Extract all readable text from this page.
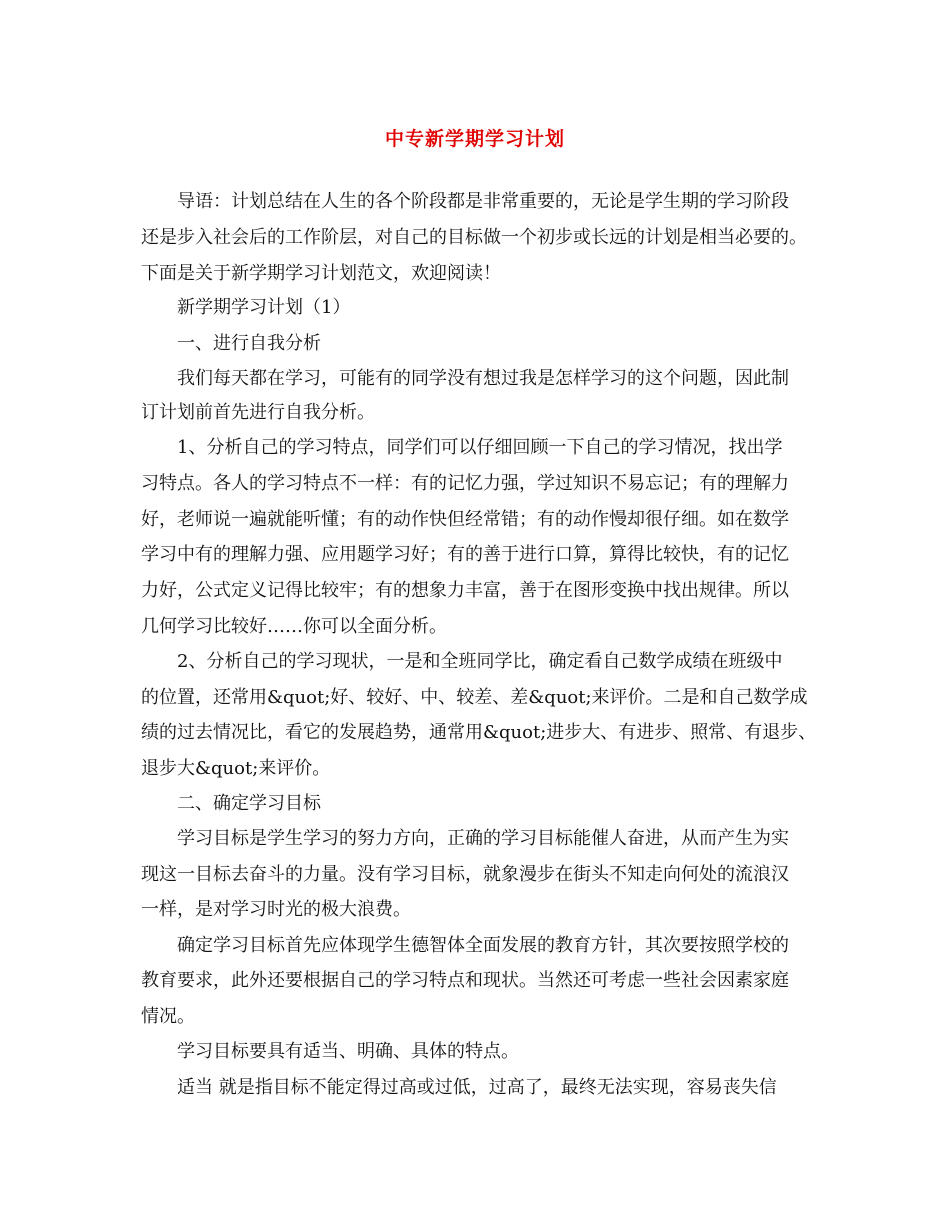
中专新学期学习计划
导语：计划总结在人生的各个阶段都是非常重要的，无论是学生期的学习阶段
还是步入社会后的工作阶层，对自己的目标做一个初步或长远的计划是相当必要的。
下面是关于新学期学习计划范文，欢迎阅读！
新学期学习计划（1）
一、进行自我分析
我们每天都在学习，可能有的同学没有想过我是怎样学习的这个问题，因此制
订计划前首先进行自我分析。
1、分析自己的学习特点，同学们可以仔细回顾一下自己的学习情况，找出学
习特点。各人的学习特点不一样：有的记忆力强，学过知识不易忘记；有的理解力
好，老师说一遍就能听懂；有的动作快但经常错；有的动作慢却很仔细。如在数学
学习中有的理解力强、应用题学习好；有的善于进行口算，算得比较快，有的记忆
力好，公式定义记得比较牢；有的想象力丰富，善于在图形变换中找出规律。所以
几何学习比较好……你可以全面分析。
2、分析自己的学习现状，一是和全班同学比，确定看自己数学成绩在班级中
的位置，还常用&quot;好、较好、中、较差、差&quot;来评价。二是和自己数学成
绩的过去情况比，看它的发展趋势，通常用&quot;进步大、有进步、照常、有退步、
退步大&quot;来评价。
二、确定学习目标
学习目标是学生学习的努力方向，正确的学习目标能催人奋进，从而产生为实
现这一目标去奋斗的力量。没有学习目标，就象漫步在街头不知走向何处的流浪汉
一样，是对学习时光的极大浪费。
确定学习目标首先应体现学生德智体全面发展的教育方针，其次要按照学校的
教育要求，此外还要根据自己的学习特点和现状。当然还可考虑一些社会因素家庭
情况。
学习目标要具有适当、明确、具体的特点。
适当 就是指目标不能定得过高或过低，过高了，最终无法实现，容易丧失信
